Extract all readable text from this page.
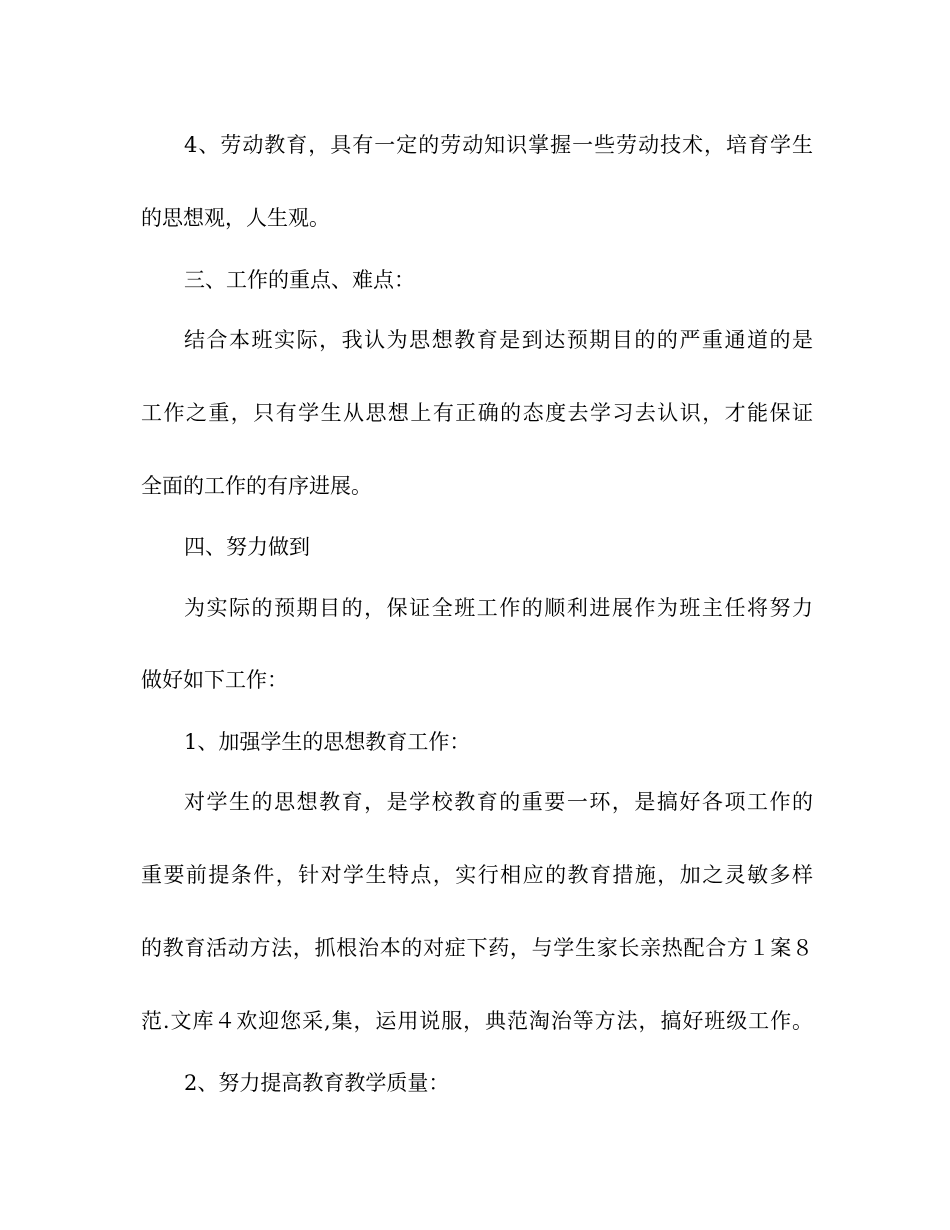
4、劳动教育，具有一定的劳动知识掌握一些劳动技术，培育学生
的思想观，人生观。
三、工作的重点、难点：
结合本班实际，我认为思想教育是到达预期目的的严重通道的是
工作之重，只有学生从思想上有正确的态度去学习去认识，才能保证
全面的工作的有序进展。
四、努力做到
为实际的预期目的，保证全班工作的顺利进展作为班主任将努力
做好如下工作：
1、加强学生的思想教育工作：
对学生的思想教育，是学校教育的重要一环，是搞好各项工作的
重要前提条件，针对学生特点，实行相应的教育措施，加之灵敏多样
的教育活动方法，抓根治本的对症下药，与学生家长亲热配合方１案８
范.文库４欢迎您采,集，运用说服，典范淘治等方法，搞好班级工作。
2、努力提高教育教学质量：
